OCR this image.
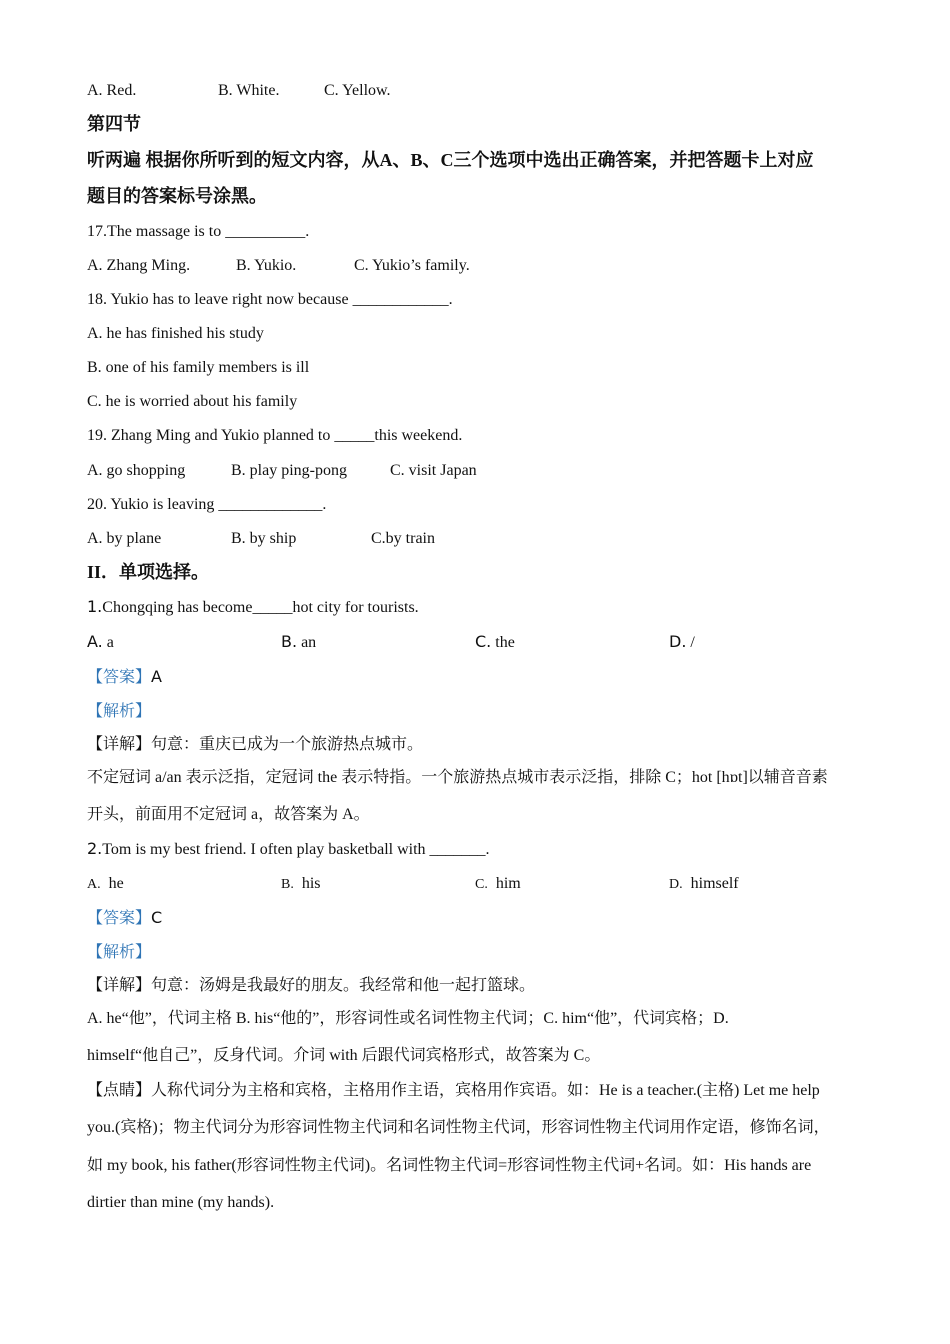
A. Red.	B. White.	C. Yellow.
第四节
听两遍 根据你所听到的短文内容，从A、B、C三个选项中选出正确答案，并把答题卡上对应
题目的答案标号涂黑。
17.The massage is to __________.
A. Zhang Ming.	B. Yukio.	C. Yukio’s family.
18. Yukio has to leave right now because ____________.
A. he has finished his study
B. one of his family members is ill
C. he is worried about his family
19. Zhang Ming and Yukio planned to _____this weekend.
A. go shopping	B. play ping-pong	C. visit Japan
20. Yukio is leaving _____________.
A. by plane	B. by ship	C.by train
II．单项选择。
1.Chongqing has become_____hot city for tourists.
A. a	B. an	C. the	D. /
【答案】A
【解析】
【详解】句意：重庆已成为一个旅游热点城市。
不定冠词 a/an 表示泛指，定冠词 the 表示特指。一个旅游热点城市表示泛指，排除 C；hot [hɒt]以辅音音素
开头，前面用不定冠词 a，故答案为 A。
2.Tom is my best friend. I often play basketball with _______.
A. he	B. his	C. him	D. himself
【答案】C
【解析】
【详解】句意：汤姆是我最好的朋友。我经常和他一起打篮球。
A. he“他”，代词主格 B. his“他的”，形容词性或名词性物主代词；C. him“他”，代词宾格；D.
himself“他自己”，反身代词。介词 with 后跟代词宾格形式，故答案为 C。
【点睛】人称代词分为主格和宾格，主格用作主语，宾格用作宾语。如：He is a teacher.(主格) Let me help
you.(宾格)；物主代词分为形容词性物主代词和名词性物主代词，形容词性物主代词用作定语，修饰名词，
如 my book, his father(形容词性物主代词)。名词性物主代词=形容词性物主代词+名词。如：His hands are
dirtier than mine (my hands).
